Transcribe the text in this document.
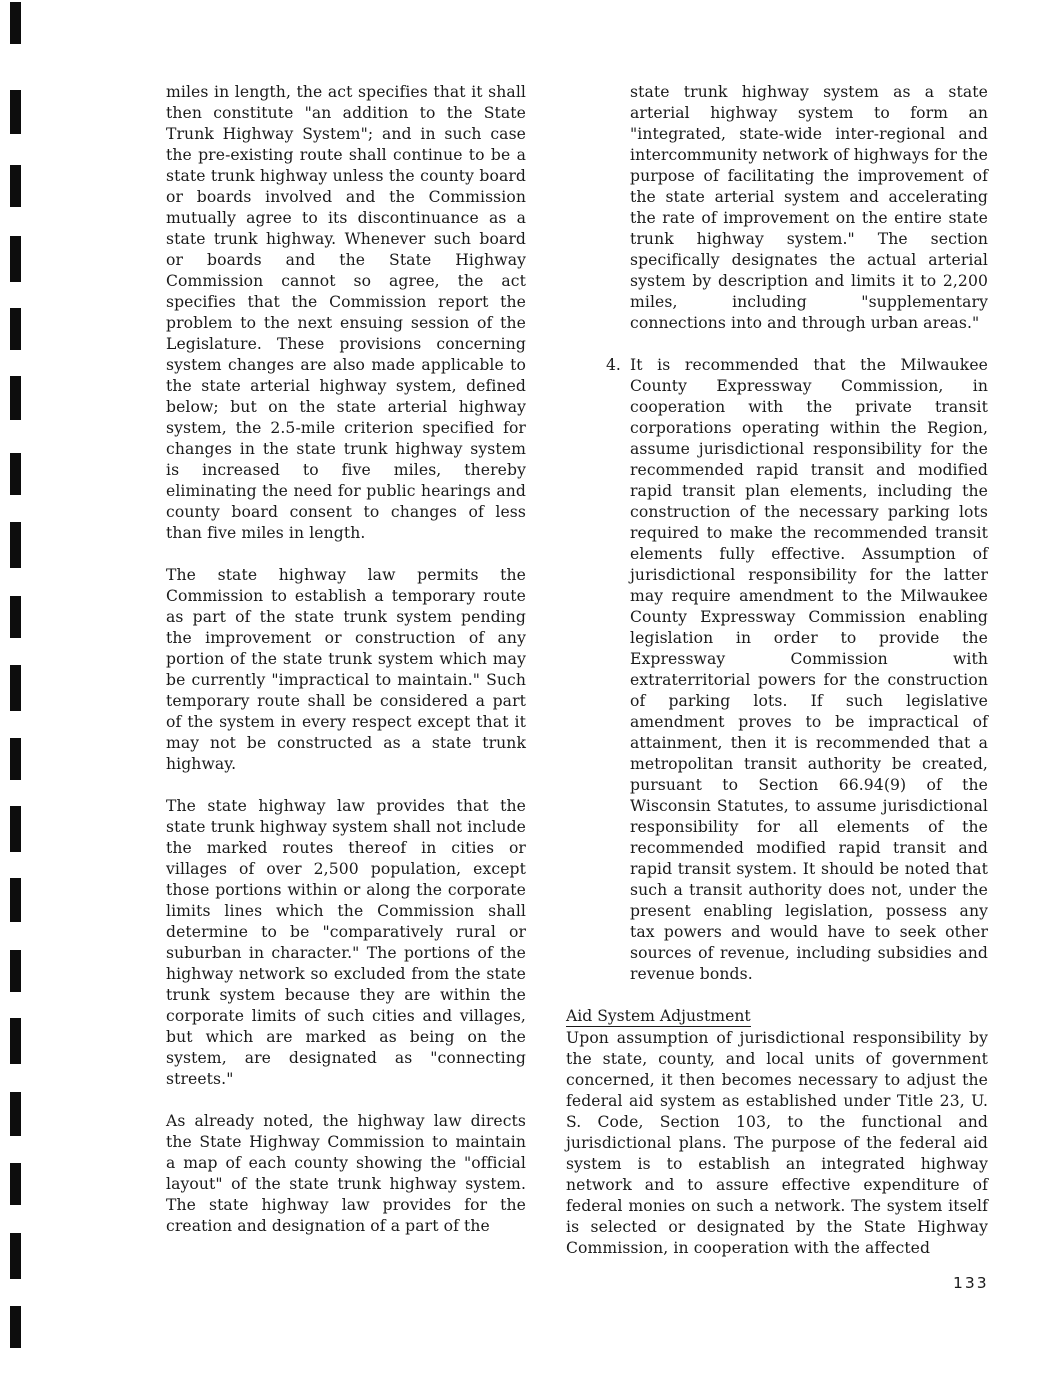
miles in length, the act specifies that it shall then constitute "an addition to the State Trunk Highway System"; and in such case the pre-existing route shall continue to be a state trunk highway unless the county board or boards involved and the Commission mutually agree to its discontinuance as a state trunk highway. Whenever such board or boards and the State Highway Commission cannot so agree, the act specifies that the Commission report the problem to the next ensuing session of the Legislature. These provisions concerning system changes are also made applicable to the state arterial highway system, defined below; but on the state arterial highway system, the 2.5-mile criterion specified for changes in the state trunk highway system is increased to five miles, thereby eliminating the need for public hearings and county board consent to changes of less than five miles in length.

The state highway law permits the Commission to establish a temporary route as part of the state trunk system pending the improvement or construction of any portion of the state trunk system which may be currently "impractical to maintain." Such temporary route shall be considered a part of the system in every respect except that it may not be constructed as a state trunk highway.

The state highway law provides that the state trunk highway system shall not include the marked routes thereof in cities or villages of over 2,500 population, except those portions within or along the corporate limits lines which the Commission shall determine to be "comparatively rural or suburban in character." The portions of the highway network so excluded from the state trunk system because they are within the corporate limits of such cities and villages, but which are marked as being on the system, are designated as "connecting streets."

As already noted, the highway law directs the State Highway Commission to maintain a map of each county showing the "official layout" of the state trunk highway system. The state highway law provides for the creation and designation of a part of the

state trunk highway system as a state arterial highway system to form an "integrated, state-wide inter-regional and intercommunity network of highways for the purpose of facilitating the improvement of the state arterial system and accelerating the rate of improvement on the entire state trunk highway system." The section specifically designates the actual arterial system by description and limits it to 2,200 miles, including "supplementary connections into and through urban areas."

4. It is recommended that the Milwaukee County Expressway Commission, in cooperation with the private transit corporations operating within the Region, assume jurisdictional responsibility for the recommended rapid transit and modified rapid transit plan elements, including the construction of the necessary parking lots required to make the recommended transit elements fully effective. Assumption of jurisdictional responsibility for the latter may require amendment to the Milwaukee County Expressway Commission enabling legislation in order to provide the Expressway Commission with extraterritorial powers for the construction of parking lots. If such legislative amendment proves to be impractical of attainment, then it is recommended that a metropolitan transit authority be created, pursuant to Section 66.94(9) of the Wisconsin Statutes, to assume jurisdictional responsibility for all elements of the recommended modified rapid transit and rapid transit system. It should be noted that such a transit authority does not, under the present enabling legislation, possess any tax powers and would have to seek other sources of revenue, including subsidies and revenue bonds.

Aid System Adjustment

Upon assumption of jurisdictional responsibility by the state, county, and local units of government concerned, it then becomes necessary to adjust the federal aid system as established under Title 23, U. S. Code, Section 103, to the functional and jurisdictional plans. The purpose of the federal aid system is to establish an integrated highway network and to assure effective expenditure of federal monies on such a network. The system itself is selected or designated by the State Highway Commission, in cooperation with the affected

133
